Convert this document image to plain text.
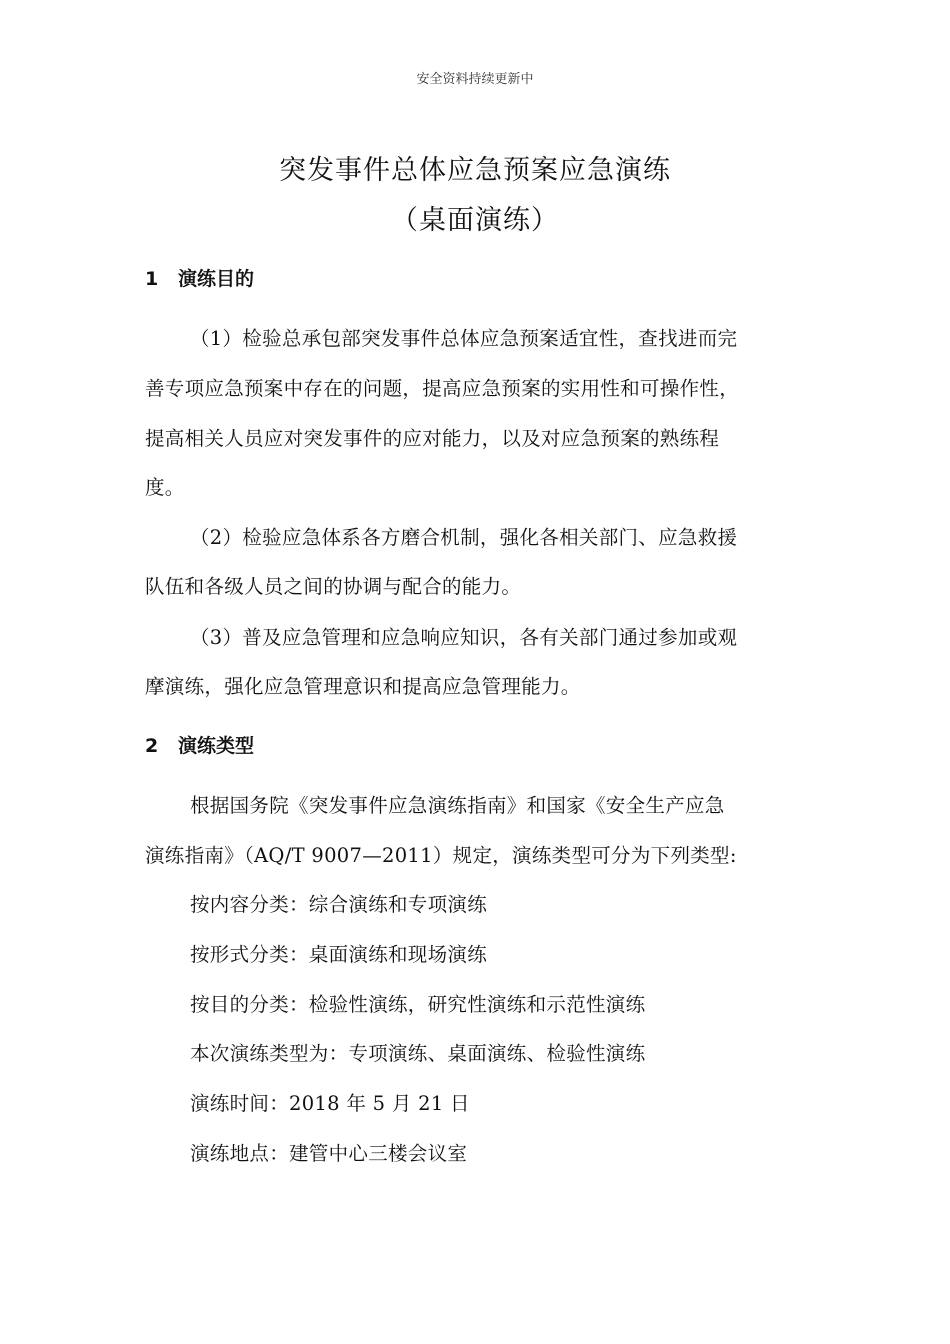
安全资料持续更新中
突发事件总体应急预案应急演练
（桌面演练）
1 演练目的
（1）检验总承包部突发事件总体应急预案适宜性，查找进而完
善专项应急预案中存在的问题，提高应急预案的实用性和可操作性，
提高相关人员应对突发事件的应对能力，以及对应急预案的熟练程
度。
（2）检验应急体系各方磨合机制，强化各相关部门、应急救援
队伍和各级人员之间的协调与配合的能力。
（3）普及应急管理和应急响应知识，各有关部门通过参加或观
摩演练，强化应急管理意识和提高应急管理能力。
2 演练类型
根据国务院《突发事件应急演练指南》和国家《安全生产应急
演练指南》（AQ/T 9007—2011）规定，演练类型可分为下列类型:
按内容分类：综合演练和专项演练
按形式分类：桌面演练和现场演练
按目的分类：检验性演练，研究性演练和示范性演练
本次演练类型为：专项演练、桌面演练、检验性演练
演练时间：2018 年 5 月 21 日
演练地点：建管中心三楼会议室
